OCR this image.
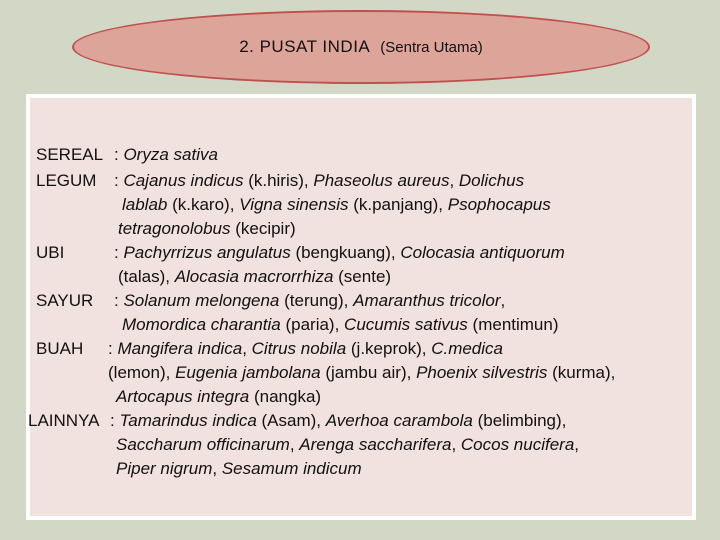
2. PUSAT INDIA (Sentra Utama)
SEREAL : Oryza sativa
LEGUM : Cajanus indicus (k.hiris), Phaseolus aureus, Dolichus
lablab (k.karo), Vigna sinensis (k.panjang), Psophocapus
tetragonolobus (kecipir)
UBI	: Pachyrrizus angulatus (bengkuang), Colocasia antiquorum
(talas), Alocasia macrorrhiza (sente)
SAYUR : Solanum melongena (terung), Amaranthus tricolor,
Momordica charantia (paria), Cucumis sativus (mentimun)
BUAH : Mangifera indica, Citrus nobila (j.keprok), C.medica
(lemon), Eugenia jambolana (jambu air), Phoenix silvestris (kurma),
Artocapus integra (nangka)
LAINNYA : Tamarindus indica (Asam), Averhoa carambola (belimbing),
Saccharum officinarum, Arenga saccharifera, Cocos nucifera,
Piper nigrum, Sesamum indicum
